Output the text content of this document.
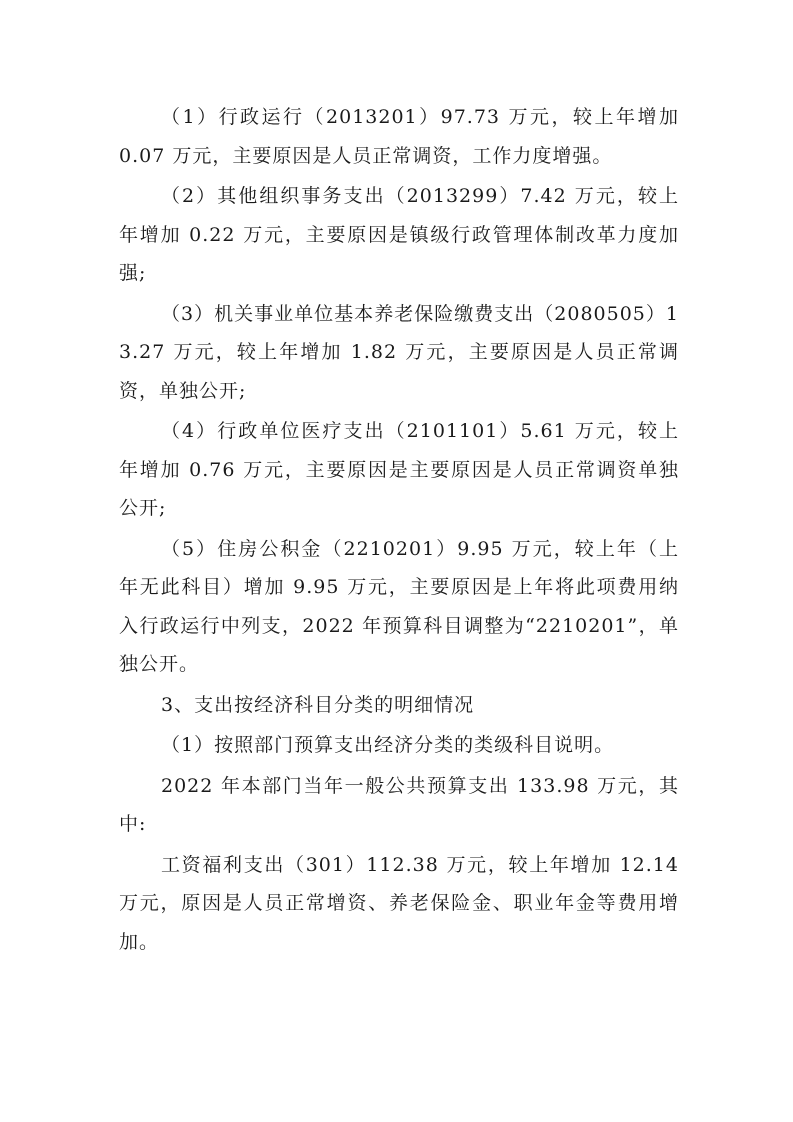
（1）行政运行（2013201）97.73 万元，较上年增加 0.07 万元，主要原因是人员正常调资，工作力度增强。

（2）其他组织事务支出（2013299）7.42 万元，较上年增加 0.22 万元，主要原因是镇级行政管理体制改革力度加强;

（3）机关事业单位基本养老保险缴费支出（2080505）13.27 万元，较上年增加 1.82 万元，主要原因是人员正常调资，单独公开;

（4）行政单位医疗支出（2101101）5.61 万元，较上年增加 0.76 万元，主要原因是主要原因是人员正常调资单独公开;

（5）住房公积金（2210201）9.95 万元，较上年（上年无此科目）增加 9.95 万元，主要原因是上年将此项费用纳入行政运行中列支，2022 年预算科目调整为“2210201”，单独公开。

3、支出按经济科目分类的明细情况

（1）按照部门预算支出经济分类的类级科目说明。

2022 年本部门当年一般公共预算支出 133.98 万元，其中:

工资福利支出（301）112.38 万元，较上年增加 12.14 万元，原因是人员正常增资、养老保险金、职业年金等费用增加。
